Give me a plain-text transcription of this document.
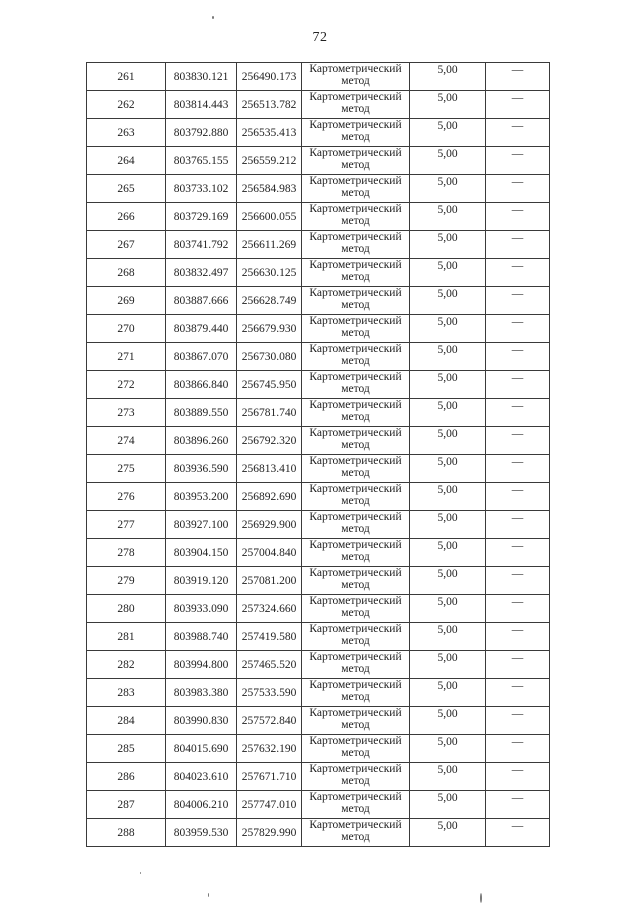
72
261	803830.121	256490.173	Картометрический метод	5,00	—
262	803814.443	256513.782	Картометрический метод	5,00	—
263	803792.880	256535.413	Картометрический метод	5,00	—
264	803765.155	256559.212	Картометрический метод	5,00	—
265	803733.102	256584.983	Картометрический метод	5,00	—
266	803729.169	256600.055	Картометрический метод	5,00	—
267	803741.792	256611.269	Картометрический метод	5,00	—
268	803832.497	256630.125	Картометрический метод	5,00	—
269	803887.666	256628.749	Картометрический метод	5,00	—
270	803879.440	256679.930	Картометрический метод	5,00	—
271	803867.070	256730.080	Картометрический метод	5,00	—
272	803866.840	256745.950	Картометрический метод	5,00	—
273	803889.550	256781.740	Картометрический метод	5,00	—
274	803896.260	256792.320	Картометрический метод	5,00	—
275	803936.590	256813.410	Картометрический метод	5,00	—
276	803953.200	256892.690	Картометрический метод	5,00	—
277	803927.100	256929.900	Картометрический метод	5,00	—
278	803904.150	257004.840	Картометрический метод	5,00	—
279	803919.120	257081.200	Картометрический метод	5,00	—
280	803933.090	257324.660	Картометрический метод	5,00	—
281	803988.740	257419.580	Картометрический метод	5,00	—
282	803994.800	257465.520	Картометрический метод	5,00	—
283	803983.380	257533.590	Картометрический метод	5,00	—
284	803990.830	257572.840	Картометрический метод	5,00	—
285	804015.690	257632.190	Картометрический метод	5,00	—
286	804023.610	257671.710	Картометрический метод	5,00	—
287	804006.210	257747.010	Картометрический метод	5,00	—
288	803959.530	257829.990	Картометрический метод	5,00	—
